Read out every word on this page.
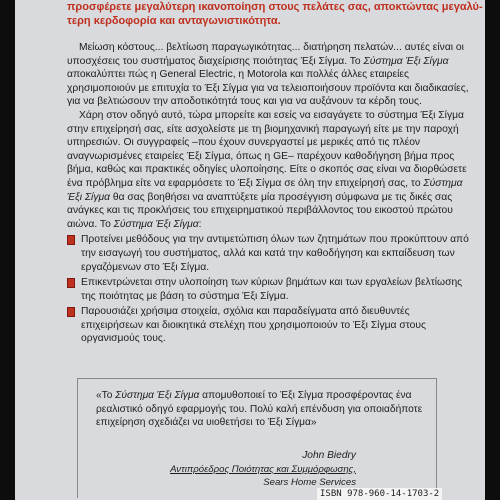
προσφέρετε μεγαλύτερη ικανοποίηση στους πελάτες σας, αποκτώντας μεγαλύ-
τερη κερδοφορία και ανταγωνιστικότητα.

Μείωση κόστους... βελτίωση παραγωγικότητας... διατήρηση πελατών... αυτές είναι οι υποσχέσεις του συστήματος διαχείρισης ποιότητας Έξι Σίγμα. Το Σύστημα Έξι Σίγμα αποκαλύπτει πώς η General Electric, η Motorola και πολλές άλλες εταιρείες χρησιμοποιούν με επιτυχία το Έξι Σίγμα για να τελειοποιήσουν προϊόντα και διαδικασίες, για να βελτιώσουν την αποδοτικότητά τους και για να αυξάνουν τα κέρδη τους.

Χάρη στον οδηγό αυτό, τώρα μπορείτε και εσείς να εισαγάγετε το σύστημα Έξι Σίγμα στην επιχείρησή σας, είτε ασχολείστε με τη βιομηχανική παραγωγή είτε με την παροχή υπηρεσιών. Οι συγγραφείς –που έχουν συνεργαστεί με μερικές από τις πλέον αναγνωρισμένες εταιρείες Έξι Σίγμα, όπως η GE– παρέχουν καθοδήγηση βήμα προς βήμα, καθώς και πρακτικές οδηγίες υλοποίησης. Είτε ο σκοπός σας είναι να διορθώσετε ένα πρόβλημα είτε να εφαρμόσετε το Έξι Σίγμα σε όλη την επιχείρησή σας, το Σύστημα Έξι Σίγμα θα σας βοηθήσει να αναπτύξετε μία προσέγγιση σύμφωνα με τις δικές σας ανάγκες και τις προκλήσεις του επιχειρηματικού περιβάλλοντος του εικοστού πρώτου αιώνα. Το Σύστημα Έξι Σίγμα:

Προτείνει μεθόδους για την αντιμετώπιση όλων των ζητημάτων που προκύπτουν από την εισαγωγή του συστήματος, αλλά και κατά την καθοδήγηση και εκπαίδευση των εργαζόμενων στο Έξι Σίγμα.
Επικεντρώνεται στην υλοποίηση των κύριων βημάτων και των εργαλείων βελτίωσης της ποιότητας με βάση το σύστημα Έξι Σίγμα.
Παρουσιάζει χρήσιμα στοιχεία, σχόλια και παραδείγματα από διευθυντές επιχειρήσεων και διοικητικά στελέχη που χρησιμοποιούν το Έξι Σίγμα στους οργανισμούς τους.

«Το Σύστημα Έξι Σίγμα απομυθοποιεί το Έξι Σίγμα προσφέροντας ένα ρεαλιστικό οδηγό εφαρμογής του. Πολύ καλή επένδυση για οποιαδήποτε επιχείρηση σχεδιάζει να υιοθετήσει το Έξι Σίγμα»

John Biedry
Αντιπρόεδρος Ποιότητας και Συμμόρφωσης,
Sears Home Services
ISBN 978-960-14-1703-2
